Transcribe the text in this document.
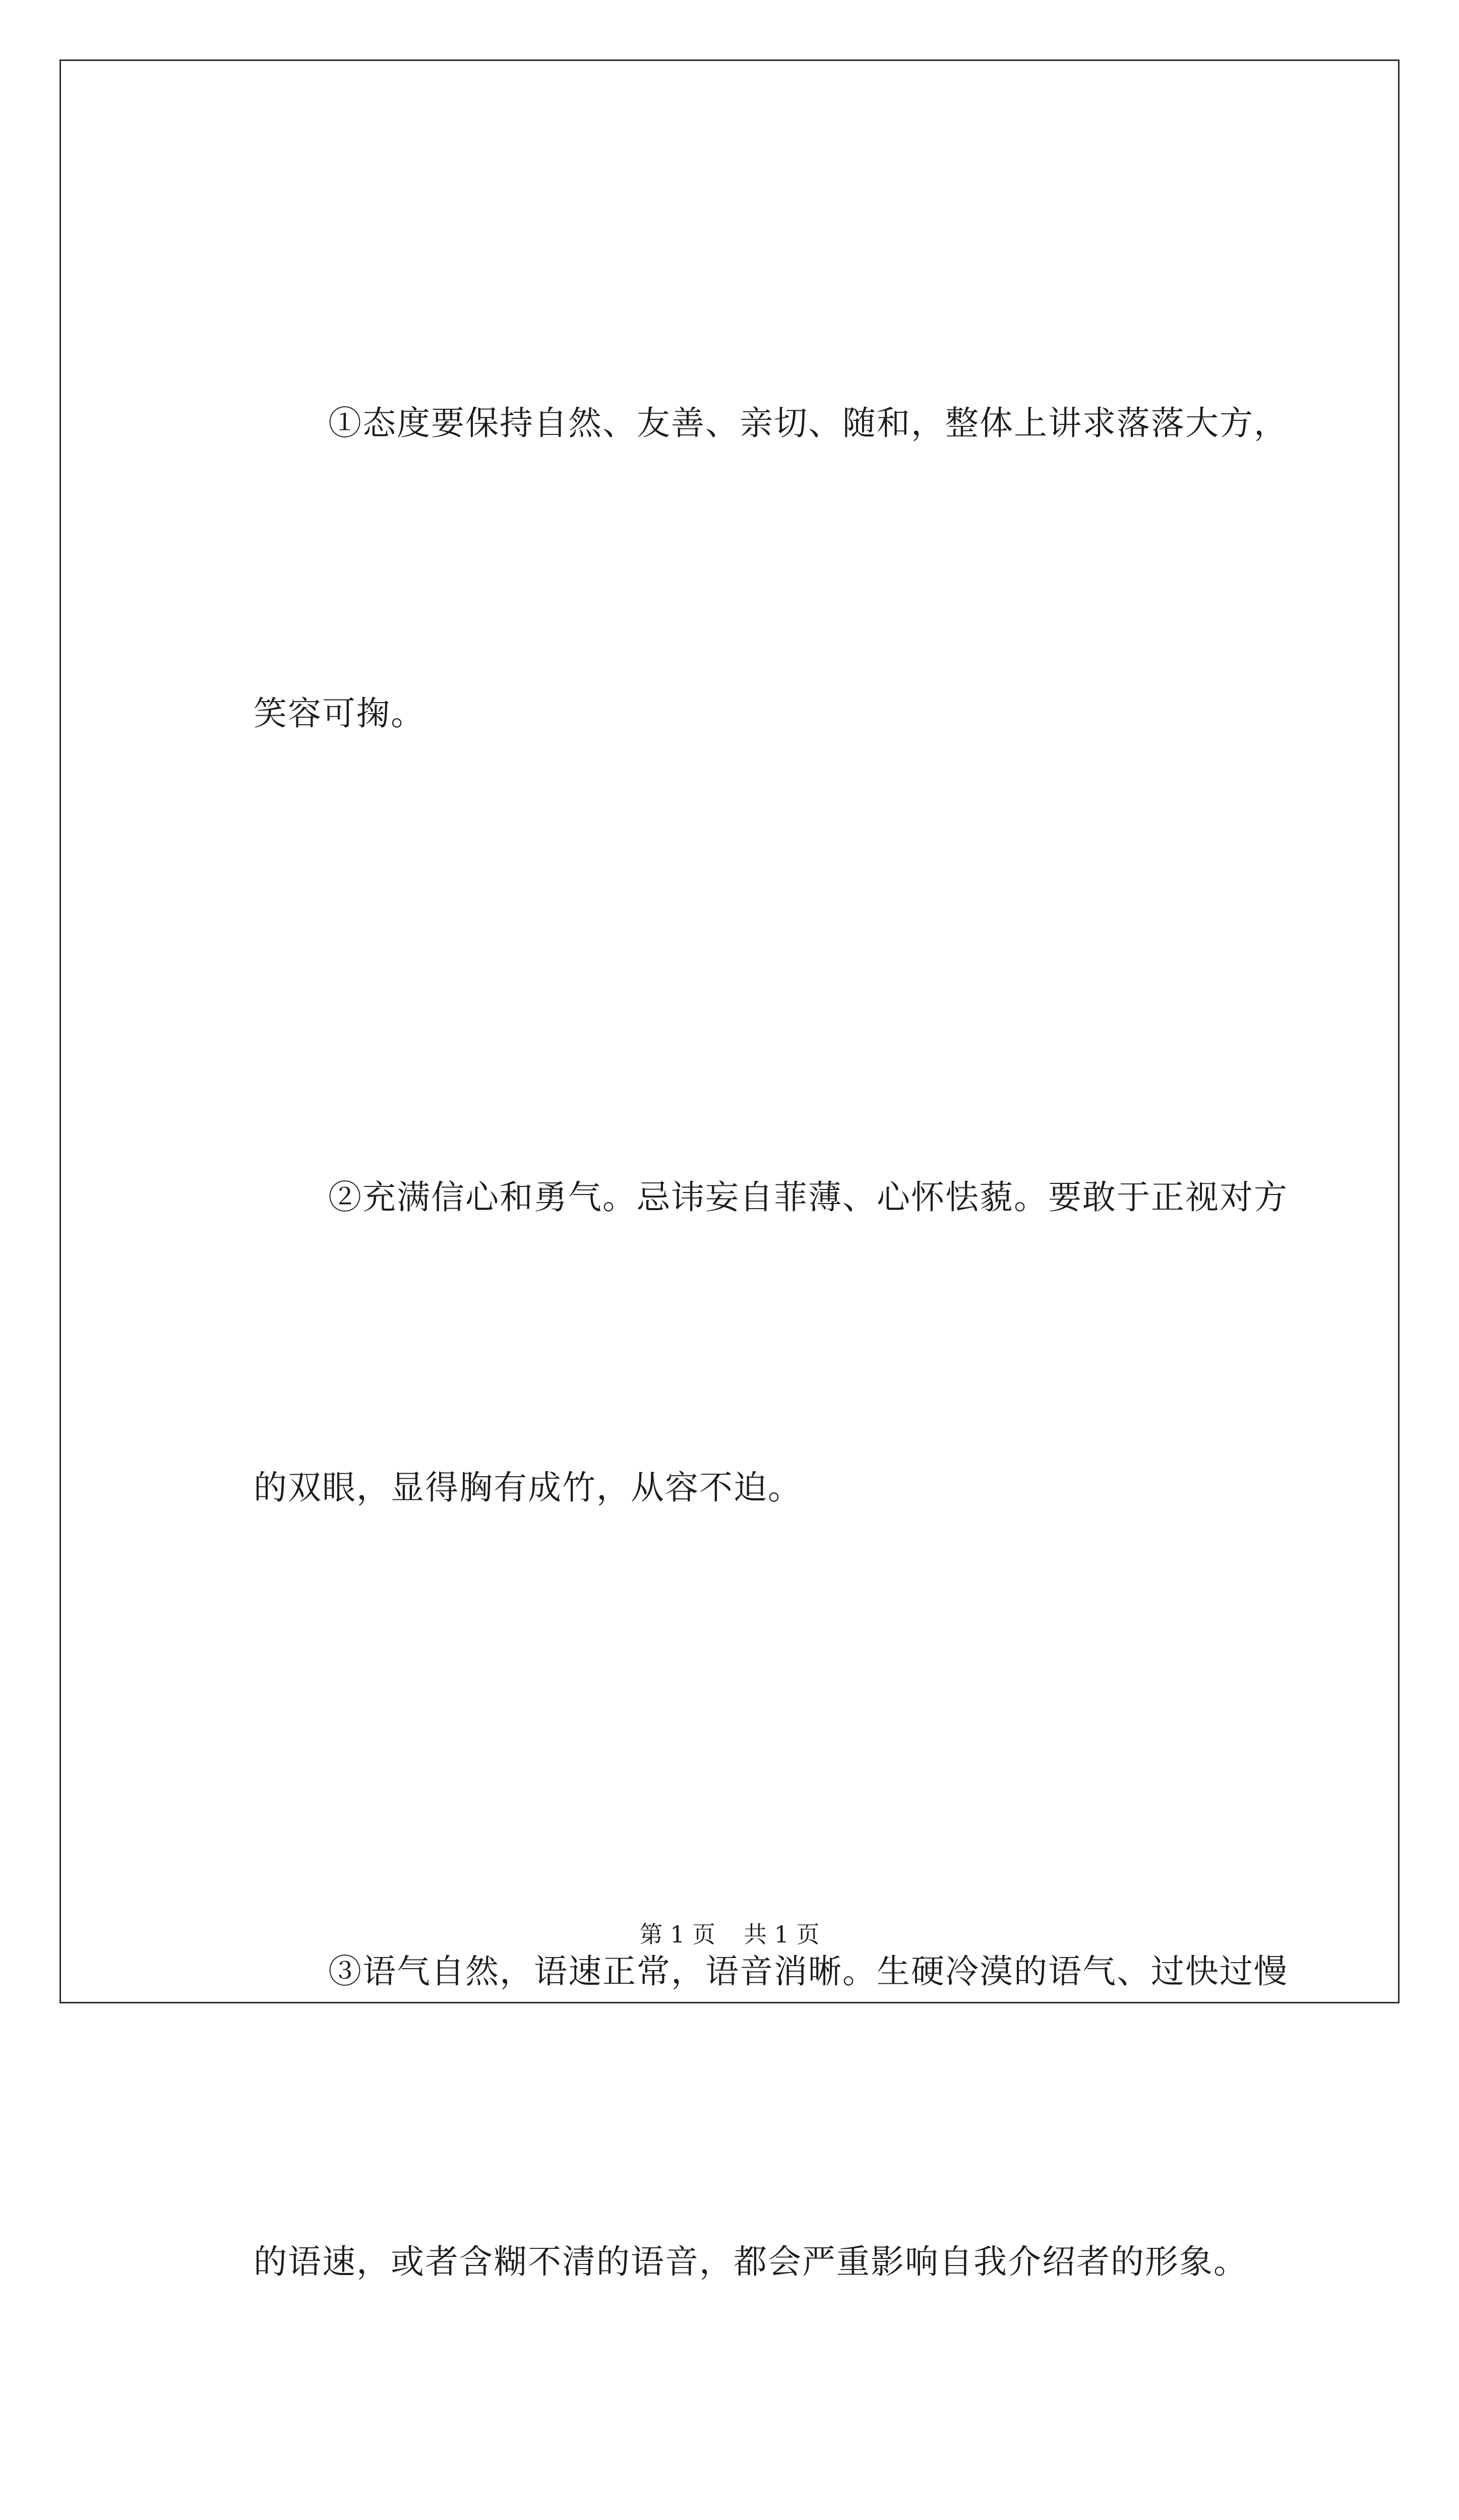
①态度要保持自然、友善、亲切、随和，整体上讲求落落大方，

笑容可掬。

②充满信心和勇气。忌讳妄自菲薄、心怀怯藐。要敢于正视对方

的双眼，显得胸有成竹，从容不迫。

③语气自然，语速正常，语音消晰。生硬冷漠的语气、过快过慢

的语速，或者含糊不清的语音，都会严重影响自我介绍者的形象。

第 1 页 共 1 页
